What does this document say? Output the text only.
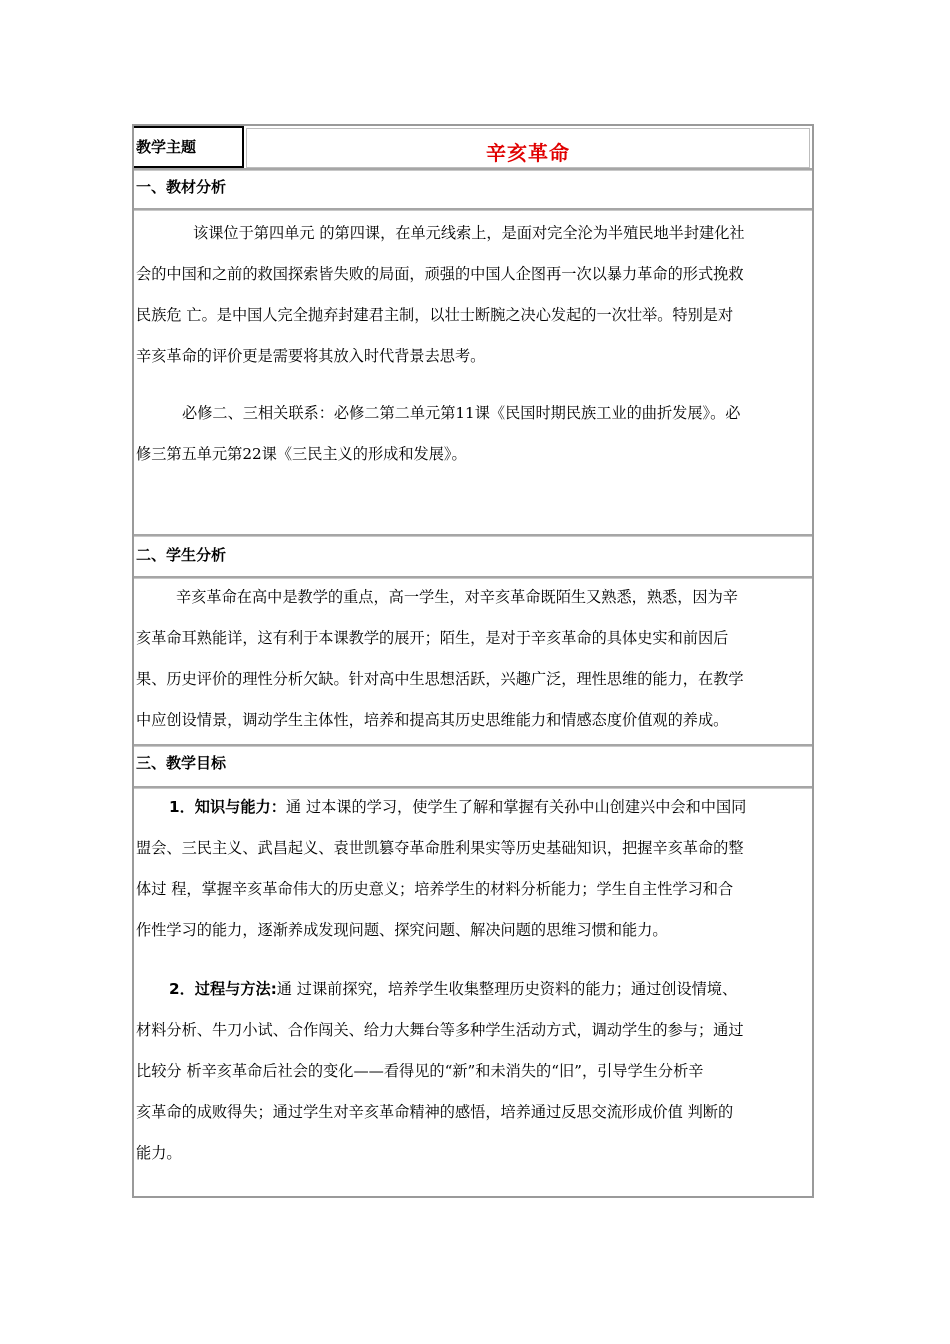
教学主题	辛亥革命
一、教材分析

该课位于第四单元 的第四课，在单元线索上，是面对完全沦为半殖民地半封建化社
会的中国和之前的救国探索皆失败的局面，顽强的中国人企图再一次以暴力革命的形式挽救
民族危 亡。是中国人完全抛弃封建君主制，以壮士断腕之决心发起的一次壮举。特别是对
辛亥革命的评价更是需要将其放入时代背景去思考。

必修二、三相关联系：必修二第二单元第11课《民国时期民族工业的曲折发展》。必
修三第五单元第22课《三民主义的形成和发展》。

二、学生分析

辛亥革命在高中是教学的重点，高一学生，对辛亥革命既陌生又熟悉，熟悉，因为辛
亥革命耳熟能详，这有利于本课教学的展开；陌生，是对于辛亥革命的具体史实和前因后
果、历史评价的理性分析欠缺。针对高中生思想活跃，兴趣广泛，理性思维的能力，在教学
中应创设情景，调动学生主体性，培养和提高其历史思维能力和情感态度价值观的养成。

三、教学目标

1．知识与能力：通 过本课的学习，使学生了解和掌握有关孙中山创建兴中会和中国同
盟会、三民主义、武昌起义、袁世凯篡夺革命胜利果实等历史基础知识，把握辛亥革命的整
体过 程，掌握辛亥革命伟大的历史意义；培养学生的材料分析能力；学生自主性学习和合
作性学习的能力，逐渐养成发现问题、探究问题、解决问题的思维习惯和能力。

2．过程与方法:通 过课前探究，培养学生收集整理历史资料的能力；通过创设情境、
材料分析、牛刀小试、合作闯关、给力大舞台等多种学生活动方式，调动学生的参与；通过
比较分 析辛亥革命后社会的变化——看得见的“新”和未消失的“旧”，引导学生分析辛
亥革命的成败得失；通过学生对辛亥革命精神的感悟，培养通过反思交流形成价值 判断的
能力。
